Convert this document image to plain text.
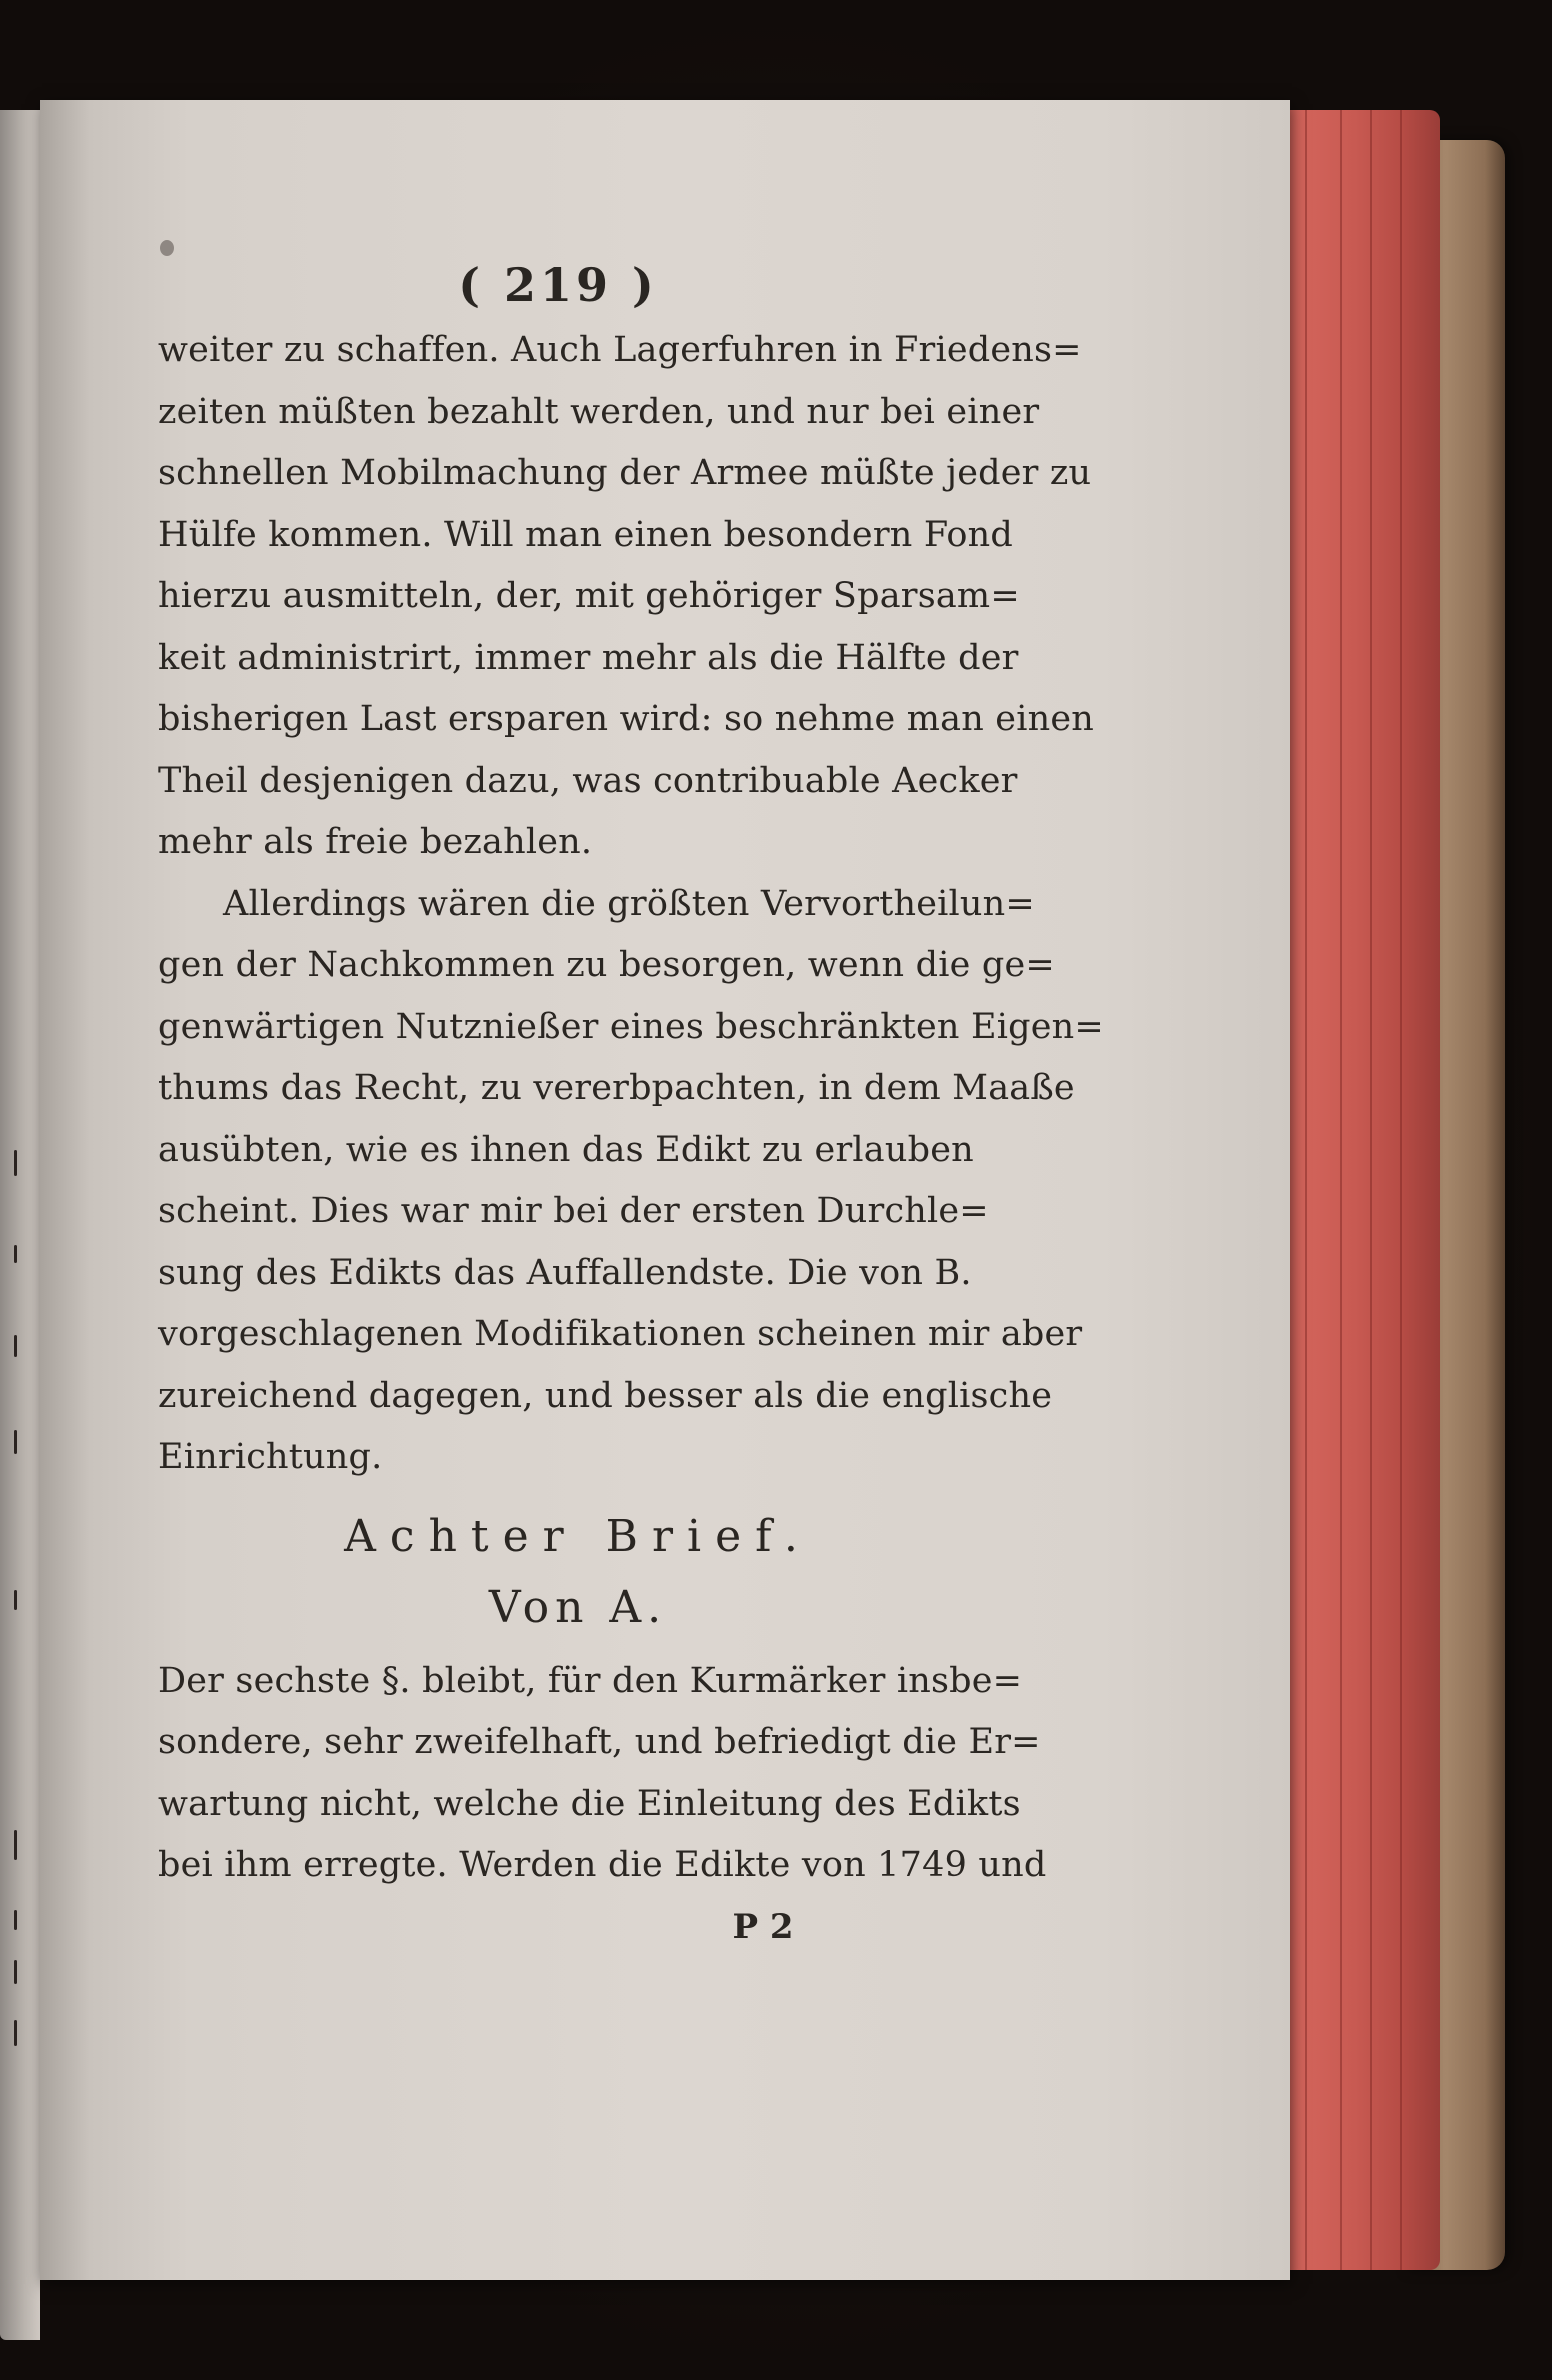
( 219 )
weiter zu schaffen. Auch Lagerfuhren in Friedens=
zeiten müßten bezahlt werden, und nur bei einer
schnellen Mobilmachung der Armee müßte jeder zu
Hülfe kommen. Will man einen besondern Fond
hierzu ausmitteln, der, mit gehöriger Sparsam=
keit administrirt, immer mehr als die Hälfte der
bisherigen Last ersparen wird: so nehme man einen
Theil desjenigen dazu, was contribuable Aecker
mehr als freie bezahlen.
Allerdings wären die größten Vervortheilun=
gen der Nachkommen zu besorgen, wenn die ge=
genwärtigen Nutznießer eines beschränkten Eigen=
thums das Recht, zu vererbpachten, in dem Maaße
ausübten, wie es ihnen das Edikt zu erlauben
scheint. Dies war mir bei der ersten Durchle=
sung des Edikts das Auffallendste. Die von B.
vorgeschlagenen Modifikationen scheinen mir aber
zureichend dagegen, und besser als die englische
Einrichtung.
Achter Brief.
Von A.
Der sechste §. bleibt, für den Kurmärker insbe=
sondere, sehr zweifelhaft, und befriedigt die Er=
wartung nicht, welche die Einleitung des Edikts
bei ihm erregte. Werden die Edikte von 1749 und
P 2
